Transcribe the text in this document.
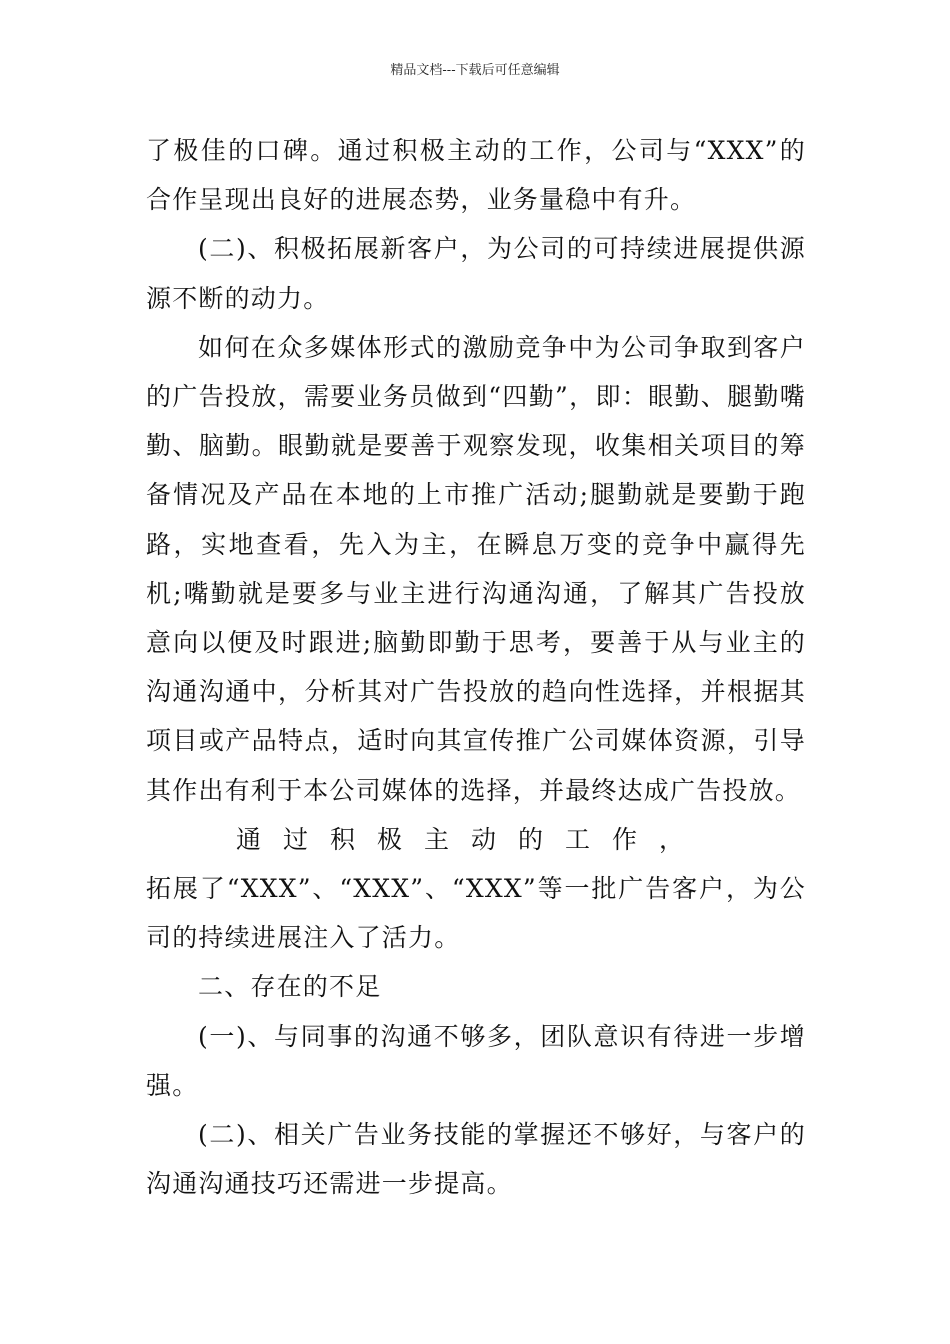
精品文档---下载后可任意编辑

了极佳的口碑。通过积极主动的工作，公司与“XXX”的合作呈现出良好的进展态势，业务量稳中有升。

(二)、积极拓展新客户，为公司的可持续进展提供源源不断的动力。

如何在众多媒体形式的激励竞争中为公司争取到客户的广告投放，需要业务员做到“四勤”，即：眼勤、腿勤嘴勤、脑勤。眼勤就是要善于观察发现，收集相关项目的筹备情况及产品在本地的上市推广活动;腿勤就是要勤于跑路，实地查看，先入为主，在瞬息万变的竞争中赢得先机;嘴勤就是要多与业主进行沟通沟通，了解其广告投放意向以便及时跟进;脑勤即勤于思考，要善于从与业主的沟通沟通中，分析其对广告投放的趋向性选择，并根据其项目或产品特点，适时向其宣传推广公司媒体资源，引导其作出有利于本公司媒体的选择，并最终达成广告投放。

通过积极主动的工作，

拓展了“XXX”、“XXX”、“XXX”等一批广告客户，为公司的持续进展注入了活力。

二、存在的不足

(一)、与同事的沟通不够多，团队意识有待进一步增强。

(二)、相关广告业务技能的掌握还不够好，与客户的沟通沟通技巧还需进一步提高。
